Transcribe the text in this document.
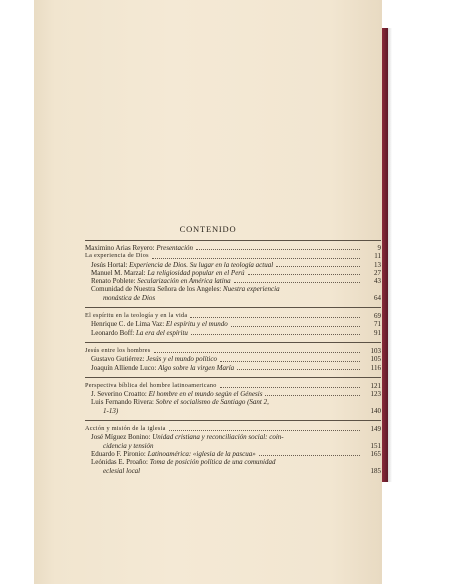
CONTENIDO
Maximino Arias Reyero: Presentación	9
La experiencia de Dios	11
Jesús Hortal: Experiencia de Dios. Su lugar en la teología actual	13
Manuel M. Marzal: La religiosidad popular en el Perú	27
Renato Poblete: Secularización en América latina	43
Comunidad de Nuestra Señora de los Angeles: Nuestra experiencia
monástica de Dios	64
El espíritu en la teología y en la vida	69
Henrique C. de Lima Vaz: El espíritu y el mundo	71
Leonardo Boff: La era del espíritu	91
Jesús entre los hombres	103
Gustavo Gutiérrez: Jesús y el mundo político	105
Joaquín Alliende Luco: Algo sobre la virgen María	116
Perspectiva bíblica del hombre latinoamericano	121
J. Severino Croatto: El hombre en el mundo según el Génesis	123
Luis Fernando Rivera: Sobre el socialismo de Santiago (Sant 2,
1-13)	140
Acción y misión de la iglesia	149
José Míguez Bonino: Unidad cristiana y reconciliación social: coin-
cidencia y tensión	151
Eduardo F. Pironio: Latinoamérica: «iglesia de la pascua»	165
Leónidas E. Proaño: Toma de posición política de una comunidad
eclesial local	185
